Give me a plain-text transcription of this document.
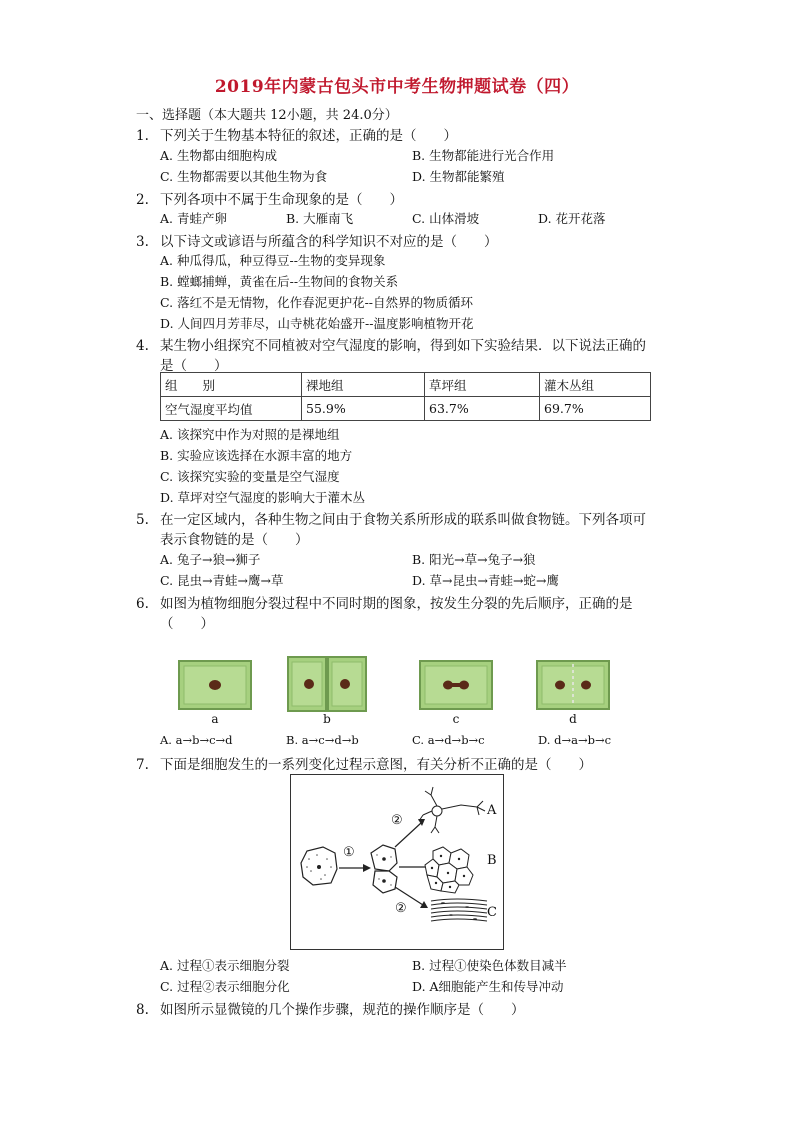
2019年内蒙古包头市中考生物押题试卷（四）
一、选择题（本大题共 12小题，共 24.0分）
1. 下列关于生物基本特征的叙述，正确的是（　　）
A. 生物都由细胞构成	B. 生物都能进行光合作用
C. 生物都需要以其他生物为食	D. 生物都能繁殖
2. 下列各项中不属于生命现象的是（　　）
A. 青蛙产卵	B. 大雁南飞	C. 山体滑坡	D. 花开花落
3. 以下诗文或谚语与所蕴含的科学知识不对应的是（　　）
A. 种瓜得瓜，种豆得豆--生物的变异现象
B. 螳螂捕蝉，黄雀在后--生物间的食物关系
C. 落红不是无情物，化作春泥更护花--自然界的物质循环
D. 人间四月芳菲尽，山寺桃花始盛开--温度影响植物开花
4. 某生物小组探究不同植被对空气湿度的影响，得到如下实验结果．以下说法正确的
是（　　）
组　　别	裸地组	草坪组	灌木丛组
空气湿度平均值	55.9%	63.7%	69.7%
A. 该探究中作为对照的是裸地组
B. 实验应该选择在水源丰富的地方
C. 该探究实验的变量是空气湿度
D. 草坪对空气湿度的影响大于灌木丛
5. 在一定区域内，各种生物之间由于食物关系所形成的联系叫做食物链。下列各项可
表示食物链的是（　　）
A. 兔子→狼→狮子	B. 阳光→草→兔子→狼
C. 昆虫→青蛙→鹰→草	D. 草→昆虫→青蛙→蛇→鹰
6. 如图为植物细胞分裂过程中不同时期的图象，按发生分裂的先后顺序，正确的是
（　　）
a	b	c	d
A. a→b→c→d	B. a→c→d→b	C. a→d→b→c	D. d→a→b→c
7. 下面是细胞发生的一系列变化过程示意图，有关分析不正确的是（　　）
①
②
②
A
B
C
A. 过程①表示细胞分裂	B. 过程①使染色体数目减半
C. 过程②表示细胞分化	D. A细胞能产生和传导冲动
8. 如图所示显微镜的几个操作步骤，规范的操作顺序是（　　）
